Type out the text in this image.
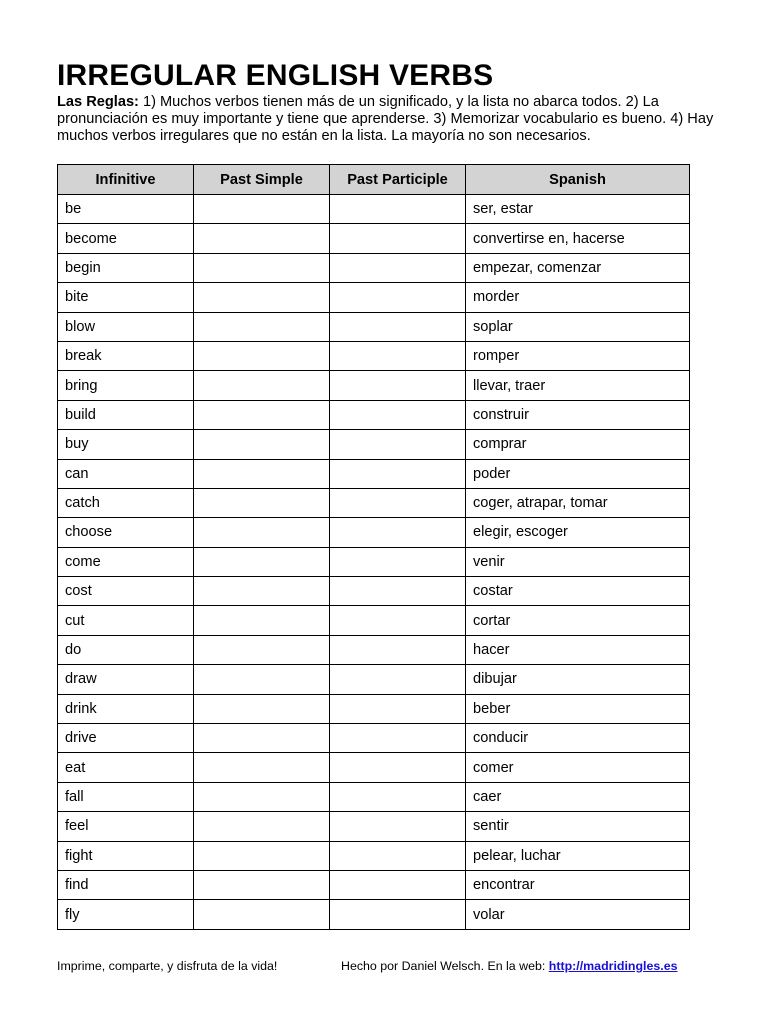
IRREGULAR ENGLISH VERBS
Las Reglas: 1) Muchos verbos tienen más de un significado, y la lista no abarca todos. 2) La pronunciación es muy importante y tiene que aprenderse. 3) Memorizar vocabulario es bueno. 4) Hay muchos verbos irregulares que no están en la lista. La mayoría no son necesarios.
Infinitive	Past Simple	Past Participle	Spanish
be			ser, estar
become			convertirse en, hacerse
begin			empezar, comenzar
bite			morder
blow			soplar
break			romper
bring			llevar, traer
build			construir
buy			comprar
can			poder
catch			coger, atrapar, tomar
choose			elegir, escoger
come			venir
cost			costar
cut			cortar
do			hacer
draw			dibujar
drink			beber
drive			conducir
eat			comer
fall			caer
feel			sentir
fight			pelear, luchar
find			encontrar
fly			volar
Imprime, comparte, y disfruta de la vida!	Hecho por Daniel Welsch. En la web: http://madridingles.es
